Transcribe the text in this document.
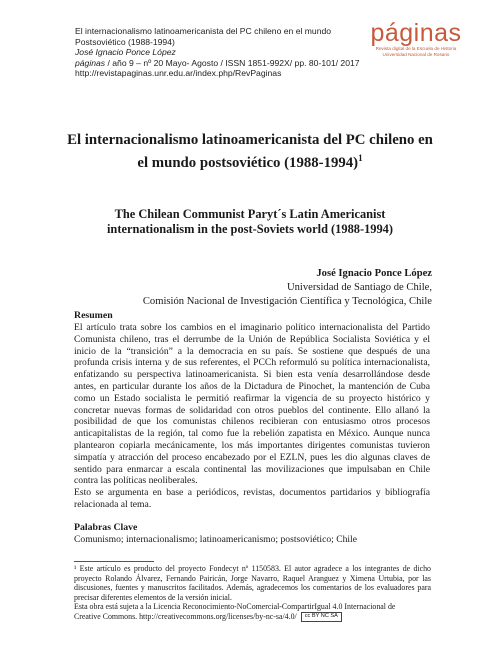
El internacionalismo latinoamericanista del PC chileno en el mundo
Postsoviético (1988-1994)
José Ignacio Ponce López
páginas / año 9 – nº 20 Mayo- Agosto / ISSN 1851-992X/ pp. 80-101/ 2017
http://revistapaginas.unr.edu.ar/index.php/RevPaginas
páginas
Revista digital de la Escuela de Historia
Universidad Nacional de Rosario
El internacionalismo latinoamericanista del PC chileno en
el mundo postsoviético (1988-1994)$^1$
The Chilean Communist Paryt´s Latin Americanist
internationalism in the post-Soviets world (1988-1994)
José Ignacio Ponce López
Universidad de Santiago de Chile,
Comisión Nacional de Investigación Científica y Tecnológica, Chile
Resumen

El artículo trata sobre los cambios en el imaginario político internacionalista del Partido Comunista chileno, tras el derrumbe de la Unión de República Socialista Soviética y el inicio de la “transición” a la democracia en su país. Se sostiene que después de una profunda crisis interna y de sus referentes, el PCCh reformuló su política internacionalista, enfatizando su perspectiva latinoamericanista. Si bien esta venía desarrollándose desde antes, en particular durante los años de la Dictadura de Pinochet, la mantención de Cuba como un Estado socialista le permitió reafirmar la vigencia de su proyecto histórico y concretar nuevas formas de solidaridad con otros pueblos del continente. Ello allanó la posibilidad de que los comunistas chilenos recibieran con entusiasmo otros procesos anticapitalistas de la región, tal como fue la rebelión zapatista en México. Aunque nunca plantearon copiarla mecánicamente, los más importantes dirigentes comunistas tuvieron simpatía y atracción del proceso encabezado por el EZLN, pues les dio algunas claves de sentido para enmarcar a escala continental las movilizaciones que impulsaban en Chile contra las políticas neoliberales.

Esto se argumenta en base a periódicos, revistas, documentos partidarios y bibliografía relacionada al tema.

Palabras Clave
Comunismo; internacionalismo; latinoamericanismo; postsoviético; Chile

¹ Este artículo es producto del proyecto Fondecyt nº 1150583. El autor agradece a los integrantes de dicho proyecto Rolando Álvarez, Fernando Pairicán, Jorge Navarro, Raquel Aranguez y Ximena Urtubia, por las discusiones, fuentes y manuscritos facilitados. Además, agradecemos los comentarios de los evaluadores para precisar diferentes elementos de la versión inicial.

Esta obra está sujeta a la Licencia Reconocimiento-NoComercial-CompartirIgual 4.0 Internacional de
Creative Commons. http://creativecommons.org/licenses/by-nc-sa/4.0/ cc BY NC SA
